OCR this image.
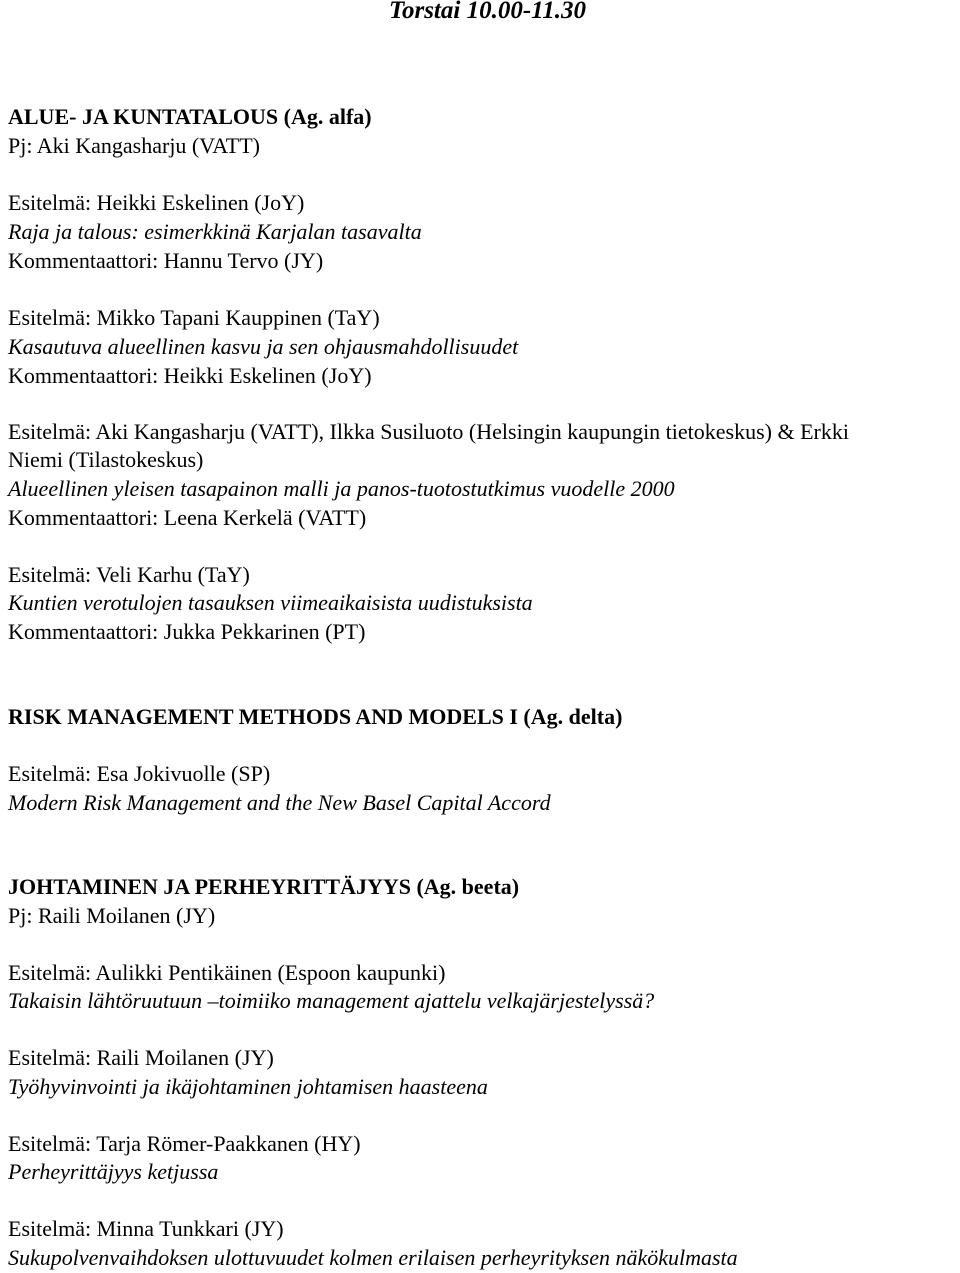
Torstai 10.00-11.30
ALUE- JA KUNTATALOUS (Ag. alfa)
Pj: Aki Kangasharju (VATT)
Esitelmä: Heikki Eskelinen (JoY)
Raja ja talous: esimerkkinä Karjalan tasavalta
Kommentaattori: Hannu Tervo (JY)
Esitelmä: Mikko Tapani Kauppinen (TaY)
Kasautuva alueellinen kasvu ja sen ohjausmahdollisuudet
Kommentaattori: Heikki Eskelinen (JoY)
Esitelmä: Aki Kangasharju (VATT), Ilkka Susiluoto (Helsingin kaupungin tietokeskus) & Erkki
Niemi (Tilastokeskus)
Alueellinen yleisen tasapainon malli ja panos-tuotostutkimus vuodelle 2000
Kommentaattori: Leena Kerkelä (VATT)
Esitelmä: Veli Karhu (TaY)
Kuntien verotulojen tasauksen viimeaikaisista uudistuksista
Kommentaattori: Jukka Pekkarinen (PT)
RISK MANAGEMENT METHODS AND MODELS I (Ag. delta)
Esitelmä: Esa Jokivuolle (SP)
Modern Risk Management and the New Basel Capital Accord
JOHTAMINEN JA PERHEYRITTÄJYYS (Ag. beeta)
Pj: Raili Moilanen (JY)
Esitelmä: Aulikki Pentikäinen (Espoon kaupunki)
Takaisin lähtöruutuun –toimiiko management ajattelu velkajärjestelyssä?
Esitelmä: Raili Moilanen (JY)
Työhyvinvointi ja ikäjohtaminen johtamisen haasteena
Esitelmä: Tarja Römer-Paakkanen (HY)
Perheyrittäjyys ketjussa
Esitelmä: Minna Tunkkari (JY)
Sukupolvenvaihdoksen ulottuvuudet kolmen erilaisen perheyrityksen näkökulmasta
